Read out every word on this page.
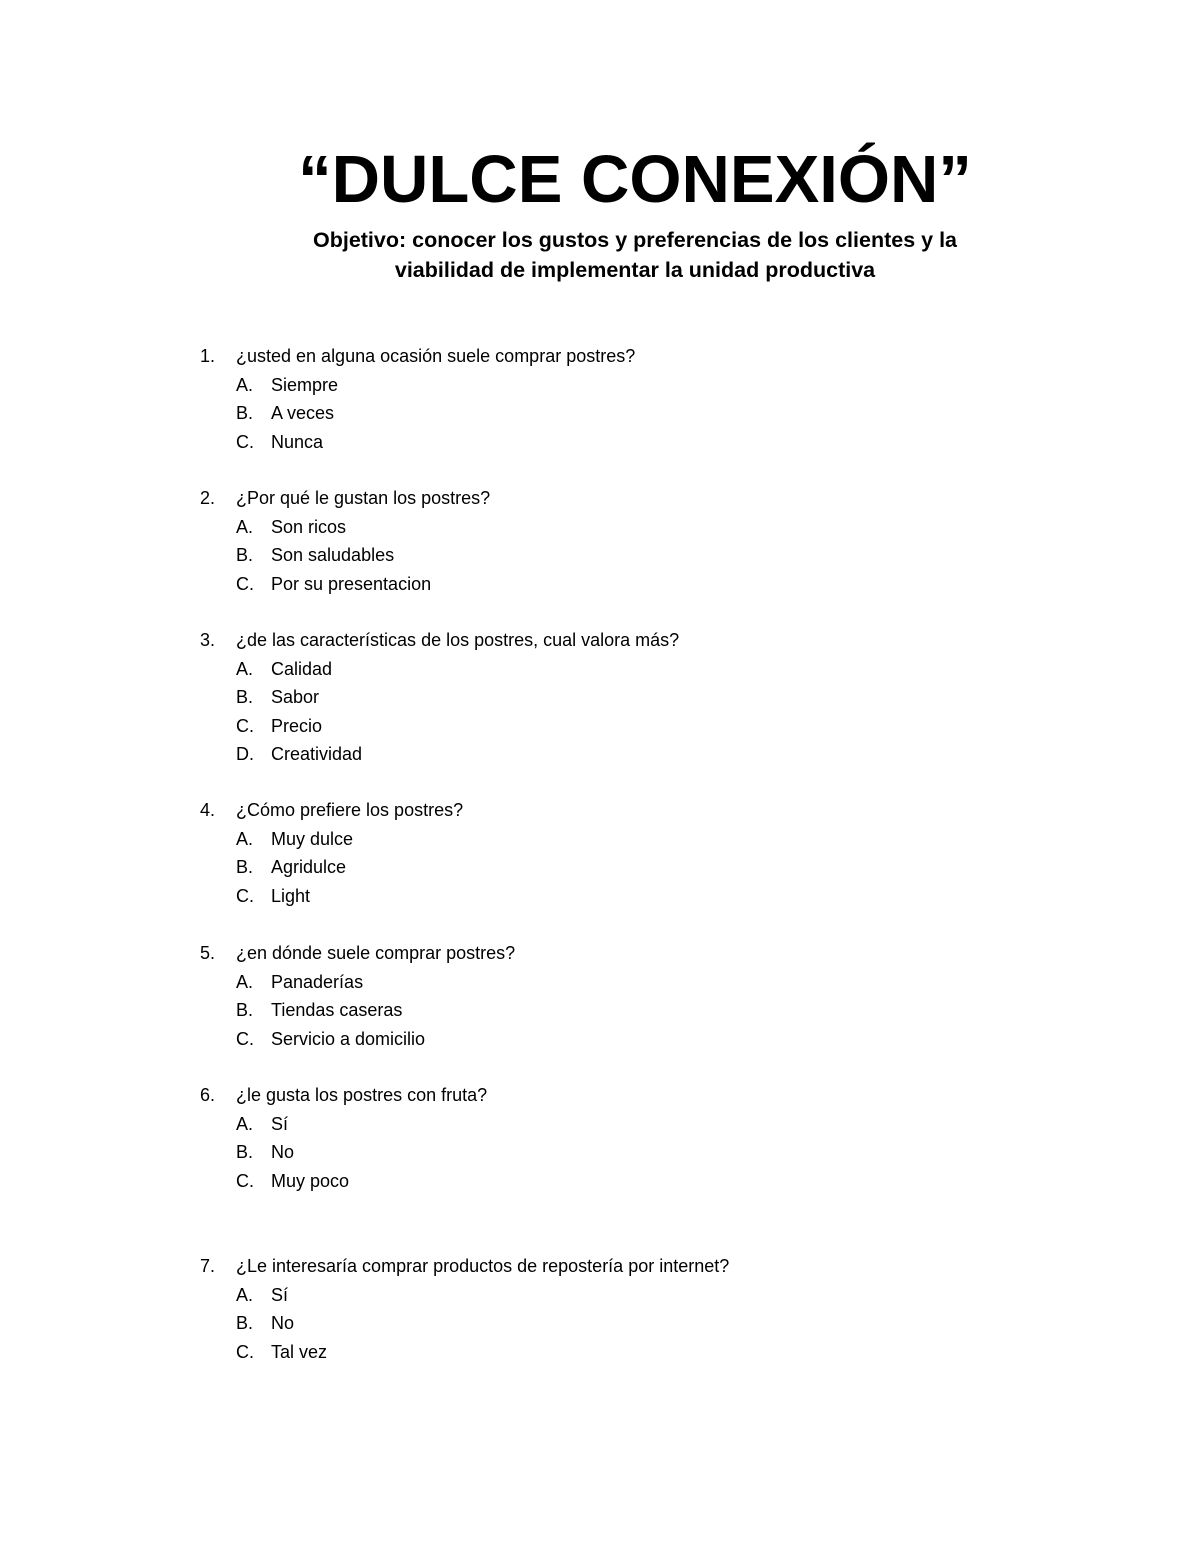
“DULCE CONEXIÓN”
Objetivo: conocer los gustos y preferencias de los clientes y la
viabilidad de implementar la unidad productiva
1.	¿usted en alguna ocasión suele comprar postres?
A. Siempre
B. A veces
C. Nunca
2.	¿Por qué le gustan los postres?
A. Son ricos
B. Son saludables
C. Por su presentacion
3.	¿de las características de los postres, cual valora más?
A. Calidad
B. Sabor
C. Precio
D. Creatividad
4.	¿Cómo prefiere los postres?
A. Muy dulce
B. Agridulce
C. Light
5.	¿en dónde suele comprar postres?
A. Panaderías
B. Tiendas caseras
C. Servicio a domicilio
6.	¿le gusta los postres con fruta?
A. Sí
B. No
C. Muy poco
7.	¿Le interesaría comprar productos de repostería por internet?
A. Sí
B. No
C. Tal vez
